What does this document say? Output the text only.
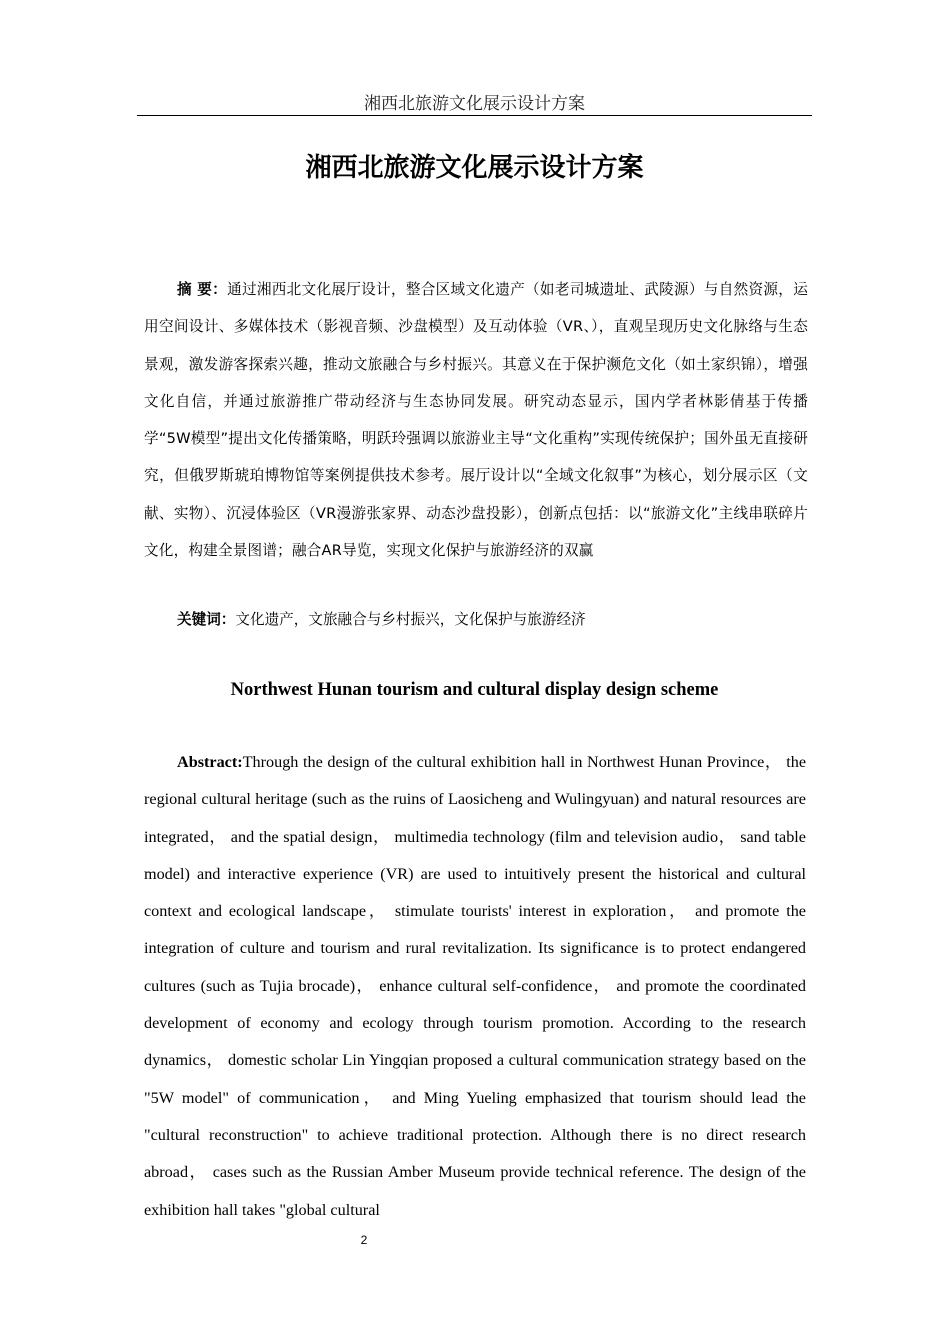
湘西北旅游文化展示设计方案
湘西北旅游文化展示设计方案

摘 要：通过湘西北文化展厅设计，整合区域文化遗产（如老司城遗址、武陵源）与自然资源，运用空间设计、多媒体技术（影视音频、沙盘模型）及互动体验（VR、），直观呈现历史文化脉络与生态景观，激发游客探索兴趣，推动文旅融合与乡村振兴。其意义在于保护濒危文化（如土家织锦），增强文化自信，并通过旅游推广带动经济与生态协同发展。研究动态显示，国内学者林影倩基于传播学“5W模型”提出文化传播策略，明跃玲强调以旅游业主导“文化重构”实现传统保护；国外虽无直接研究，但俄罗斯琥珀博物馆等案例提供技术参考。展厅设计以“全域文化叙事”为核心，划分展示区（文献、实物）、沉浸体验区（VR漫游张家界、动态沙盘投影），创新点包括：以“旅游文化”主线串联碎片文化，构建全景图谱；融合AR导览，实现文化保护与旅游经济的双赢

关键词：文化遗产，文旅融合与乡村振兴，文化保护与旅游经济

Northwest Hunan tourism and cultural display design scheme

Abstract:Through the design of the cultural exhibition hall in Northwest Hunan Province， the regional cultural heritage (such as the ruins of Laosicheng and Wulingyuan) and natural resources are integrated， and the spatial design， multimedia technology (film and television audio， sand table model) and interactive experience (VR) are used to intuitively present the historical and cultural context and ecological landscape， stimulate tourists' interest in exploration， and promote the integration of culture and tourism and rural revitalization. Its significance is to protect endangered cultures (such as Tujia brocade)， enhance cultural self-confidence， and promote the coordinated development of economy and ecology through tourism promotion. According to the research dynamics， domestic scholar Lin Yingqian proposed a cultural communication strategy based on the "5W model" of communication， and Ming Yueling emphasized that tourism should lead the "cultural reconstruction" to achieve traditional protection. Although there is no direct research abroad， cases such as the Russian Amber Museum provide technical reference. The design of the exhibition hall takes "global cultural

2
